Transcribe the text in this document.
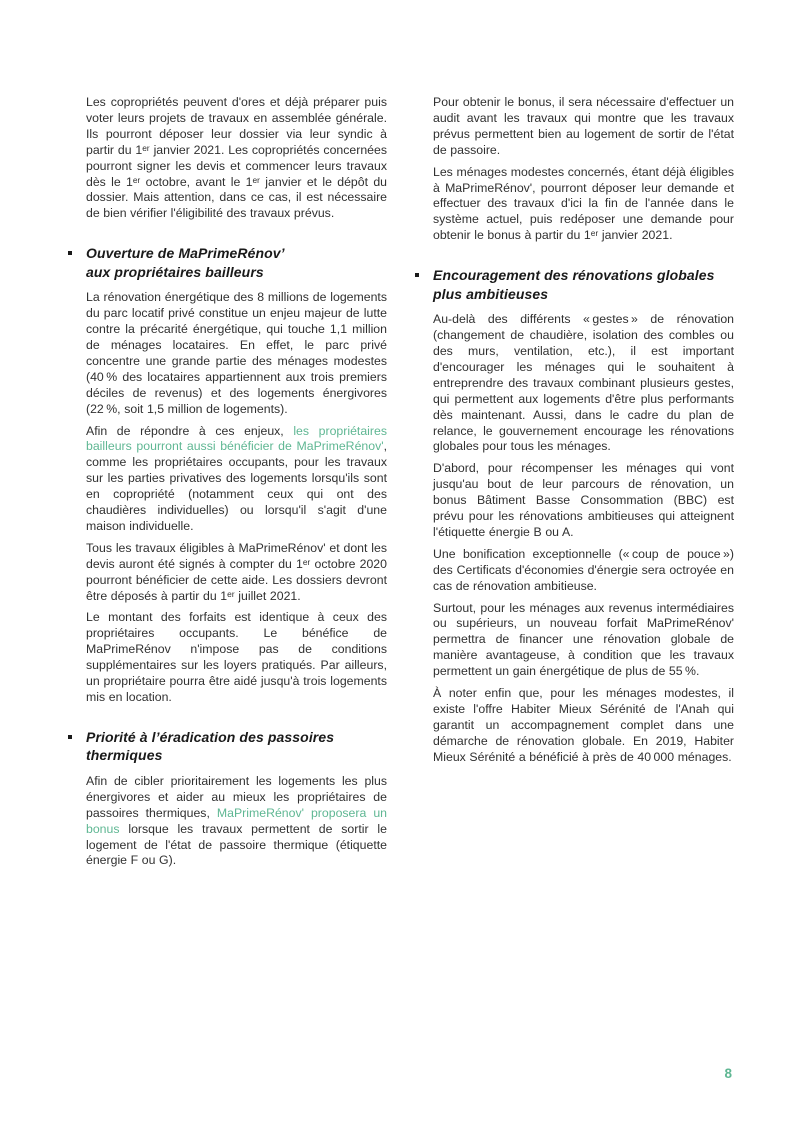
Les copropriétés peuvent d'ores et déjà préparer puis voter leurs projets de travaux en assemblée générale. Ils pourront déposer leur dossier via leur syndic à partir du 1ᵉʳ janvier 2021. Les copropriétés concernées pourront signer les devis et commencer leurs travaux dès le 1ᵉʳ octobre, avant le 1ᵉʳ janvier et le dépôt du dossier. Mais attention, dans ce cas, il est nécessaire de bien vérifier l'éligibilité des travaux prévus.

Ouverture de MaPrimeRénov’
aux propriétaires bailleurs

La rénovation énergétique des 8 millions de logements du parc locatif privé constitue un enjeu majeur de lutte contre la précarité énergétique, qui touche 1,1 million de ménages locataires. En effet, le parc privé concentre une grande partie des ménages modestes (40 % des locataires appartiennent aux trois premiers déciles de revenus) et des logements énergivores (22 %, soit 1,5 million de logements).

Afin de répondre à ces enjeux, les propriétaires bailleurs pourront aussi bénéficier de MaPrimeRénov', comme les propriétaires occupants, pour les travaux sur les parties privatives des logements lorsqu'ils sont en copropriété (notamment ceux qui ont des chaudières individuelles) ou lorsqu'il s'agit d'une maison individuelle.

Tous les travaux éligibles à MaPrimeRénov' et dont les devis auront été signés à compter du 1ᵉʳ octobre 2020 pourront bénéficier de cette aide. Les dossiers devront être déposés à partir du 1ᵉʳ juillet 2021.

Le montant des forfaits est identique à ceux des propriétaires occupants. Le bénéfice de MaPrimeRénov n'impose pas de conditions supplémentaires sur les loyers pratiqués. Par ailleurs, un propriétaire pourra être aidé jusqu'à trois logements mis en location.

Priorité à l’éradication des passoires
thermiques

Afin de cibler prioritairement les logements les plus énergivores et aider au mieux les propriétaires de passoires thermiques, MaPrimeRénov' proposera un bonus lorsque les travaux permettent de sortir le logement de l'état de passoire thermique (étiquette énergie F ou G).

Pour obtenir le bonus, il sera nécessaire d'effectuer un audit avant les travaux qui montre que les travaux prévus permettent bien au logement de sortir de l'état de passoire.

Les ménages modestes concernés, étant déjà éligibles à MaPrimeRénov', pourront déposer leur demande et effectuer des travaux d'ici la fin de l'année dans le système actuel, puis redéposer une demande pour obtenir le bonus à partir du 1ᵉʳ janvier 2021.

Encouragement des rénovations globales
plus ambitieuses

Au-delà des différents « gestes » de rénovation (changement de chaudière, isolation des combles ou des murs, ventilation, etc.), il est important d'encourager les ménages qui le souhaitent à entreprendre des travaux combinant plusieurs gestes, qui permettent aux logements d'être plus performants dès maintenant. Aussi, dans le cadre du plan de relance, le gouvernement encourage les rénovations globales pour tous les ménages.

D'abord, pour récompenser les ménages qui vont jusqu'au bout de leur parcours de rénovation, un bonus Bâtiment Basse Consommation (BBC) est prévu pour les rénovations ambitieuses qui atteignent l'étiquette énergie B ou A.

Une bonification exceptionnelle (« coup de pouce ») des Certificats d'économies d'énergie sera octroyée en cas de rénovation ambitieuse.

Surtout, pour les ménages aux revenus intermédiaires ou supérieurs, un nouveau forfait MaPrimeRénov' permettra de financer une rénovation globale de manière avantageuse, à condition que les travaux permettent un gain énergétique de plus de 55 %.

À noter enfin que, pour les ménages modestes, il existe l'offre Habiter Mieux Sérénité de l'Anah qui garantit un accompagnement complet dans une démarche de rénovation globale. En 2019, Habiter Mieux Sérénité a bénéficié à près de 40 000 ménages.

8
